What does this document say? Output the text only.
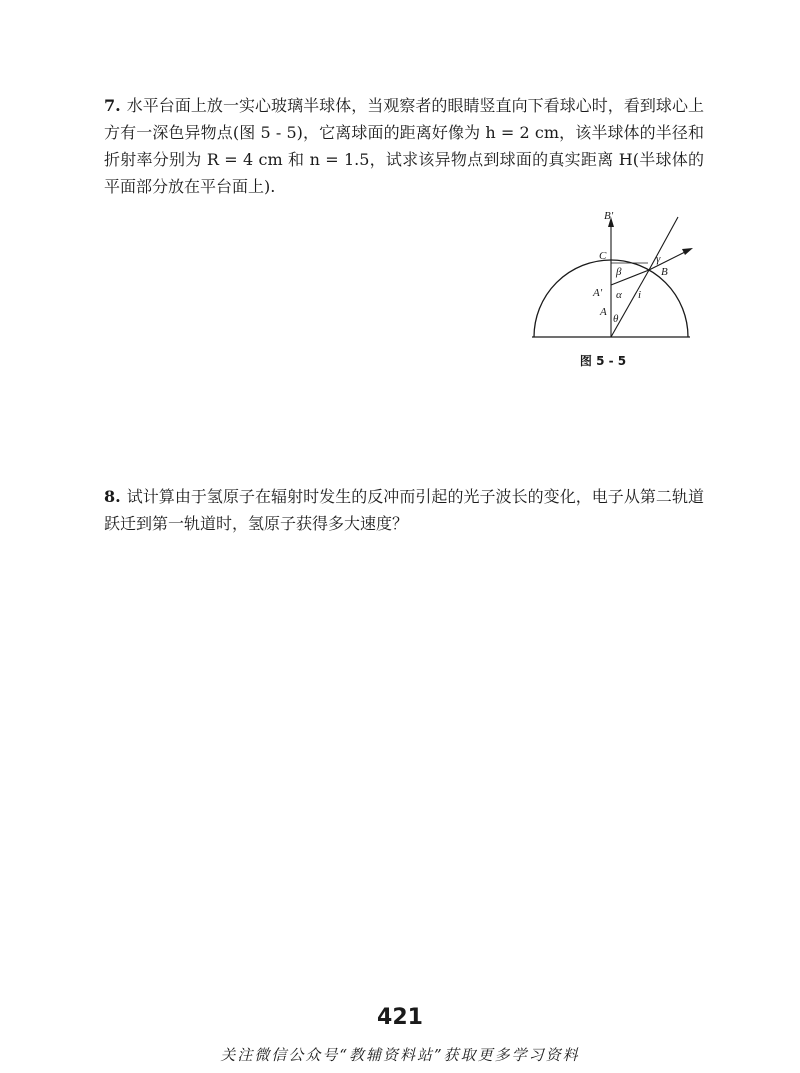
7. 水平台面上放一实心玻璃半球体，当观察者的眼睛竖直向下看球心时，看到球心上方有一深色异物点(图 5 - 5)，它离球面的距离好像为 h = 2 cm，该半球体的半径和折射率分别为 R = 4 cm 和 n = 1.5，试求该异物点到球面的真实距离 H(半球体的平面部分放在平台面上).
B′
C
β
γ
B
A′ α i
A
θ
图 5 - 5
8. 试计算由于氢原子在辐射时发生的反冲而引起的光子波长的变化，电子从第二轨道跃迁到第一轨道时，氢原子获得多大速度？
421
关注微信公众号“教辅资料站”获取更多学习资料
